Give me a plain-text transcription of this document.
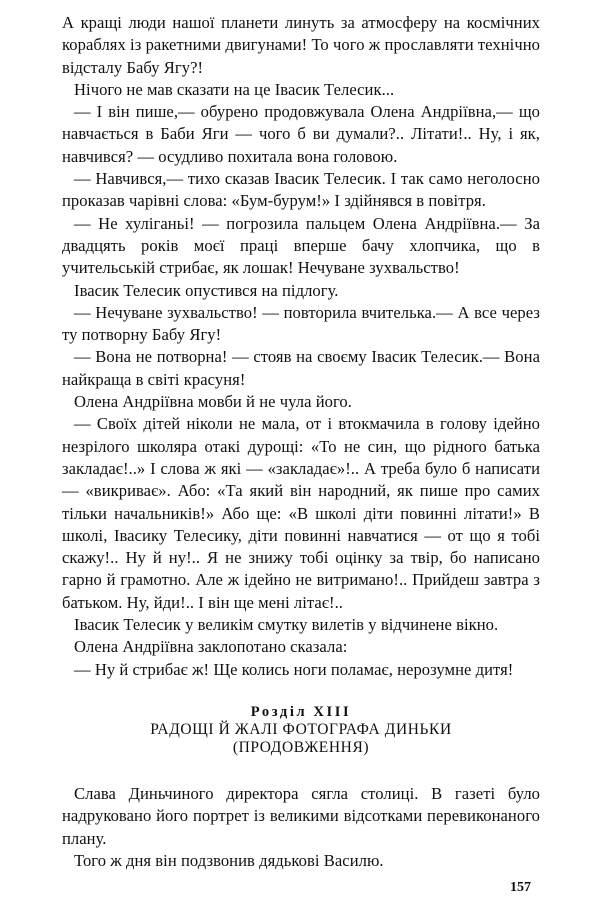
А кращі люди нашої планети линуть за атмосферу на космічних кораблях із ракетними двигунами! То чого ж прославляти технічно відсталу Бабу Ягу?!

Нічого не мав сказати на це Івасик Телесик...

— І він пише,— обурено продовжувала Олена Андріївна,— що навчається в Баби Яги — чого б ви думали?.. Літати!.. Ну, і як, навчився? — осудливо похитала вона головою.

— Навчився,— тихо сказав Івасик Телесик. І так само неголосно проказав чарівні слова: «Бум-бурум!» І здійнявся в повітря.

— Не хуліганьі! — погрозила пальцем Олена Андріївна.— За двадцять років моєї праці вперше бачу хлопчика, що в учительській стрибає, як лошак! Нечуване зухвальство!

Івасик Телесик опустився на підлогу.

— Нечуване зухвальство! — повторила вчителька.— А все через ту потворну Бабу Ягу!

— Вона не потворна! — стояв на своєму Івасик Телесик.— Вона найкраща в світі красуня!

Олена Андріївна мовби й не чула його.

— Своїх дітей ніколи не мала, от і втокмачила в голову ідейно незрілого школяра отакі дурощі: «То не син, що рідного батька закладає!..» І слова ж які — «закладає»!.. А треба було б написати — «викриває». Або: «Та який він народний, як пише про самих тільки начальників!» Або ще: «В школі діти повинні літати!» В школі, Івасику Телесику, діти повинні навчатися — от що я тобі скажу!.. Ну й ну!.. Я не знижу тобі оцінку за твір, бо написано гарно й грамотно. Але ж ідейно не витримано!.. Прийдеш завтра з батьком. Ну, йди!.. І він ще мені літає!..

Івасик Телесик у великім смутку вилетів у відчинене вікно.

Олена Андріївна заклопотано сказала:

— Ну й стрибає ж! Ще колись ноги поламає, нерозумне дитя!

Розділ XIII
РАДОЩІ Й ЖАЛІ ФОТОГРАФА ДИНЬКИ
(ПРОДОВЖЕННЯ)

Слава Диньчиного директора сягла столиці. В газеті було надруковано його портрет із великими відсотками перевиконаного плану.

Того ж дня він подзвонив дядькові Василю.

157
